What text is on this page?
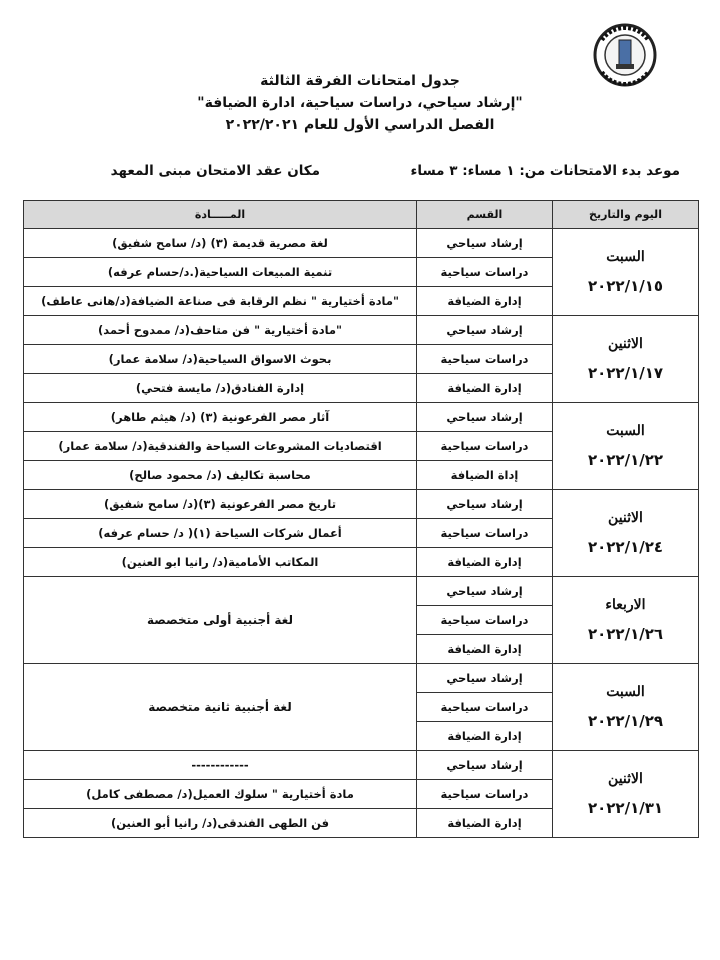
جدول امتحانات الفرقة الثالثة
"إرشاد سياحي، دراسات سياحية، ادارة الضيافة"
الفصل الدراسي الأول للعام ٢٠٢٢/٢٠٢١
موعد بدء الامتحانات من: ١ مساء: ٣ مساء
مكان عقد الامتحان مبنى المعهد
اليوم والتاريخ	القسم	المـــــادة

السبت
٢٠٢٢/١/١٥	إرشاد سياحي	لغة مصرية قديمة (٣) (د/ سامح شفيق)
	دراسات سياحية	تنمية المبيعات السياحية(.د/حسام عرفه)
	إدارة الضيافة	"مادة أختيارية " نظم الرقابة فى صناعة الضيافة(د/هانى عاطف)

الاثنين
٢٠٢٢/١/١٧	إرشاد سياحي	"مادة أختيارية " فن متاحف(د/ ممدوح أحمد)
	دراسات سياحية	بحوث الاسواق السياحية(د/ سلامة عمار)
	إدارة الضيافة	إدارة الفنادق(د/ مايسة فتحي)

السبت
٢٠٢٢/١/٢٢	إرشاد سياحي	آثار مصر الفرعونية (٣) (د/ هيثم طاهر)
	دراسات سياحية	اقتصاديات المشروعات السياحة والفندقية(د/ سلامة عمار)
	إداة الضيافة	محاسبة تكاليف (د/ محمود صالح)

الاثنين
٢٠٢٢/١/٢٤	إرشاد سياحي	تاريخ مصر الفرعونية (٣)(د/ سامح شفيق)
	دراسات سياحية	أعمال شركات السياحة (١)( د/ حسام عرفه)
	إدارة الضيافة	المكاتب الأمامية(د/ رانيا ابو العنين)

الاربعاء
٢٠٢٢/١/٢٦	إرشاد سياحي	لغة أجنبية أولى متخصصة
	دراسات سياحية	
	إدارة الضيافة	

السبت
٢٠٢٢/١/٢٩	إرشاد سياحي	لغة أجنبية ثانية متخصصة
	دراسات سياحية	
	إدارة الضيافة	

الاثنين
٢٠٢٢/١/٣١	إرشاد سياحي	------------
	دراسات سياحية	مادة أختيارية " سلوك العميل(د/ مصطفى كامل)
	إدارة الضيافة	فن الطهى الفندقى(د/ رانيا أبو العنين)
